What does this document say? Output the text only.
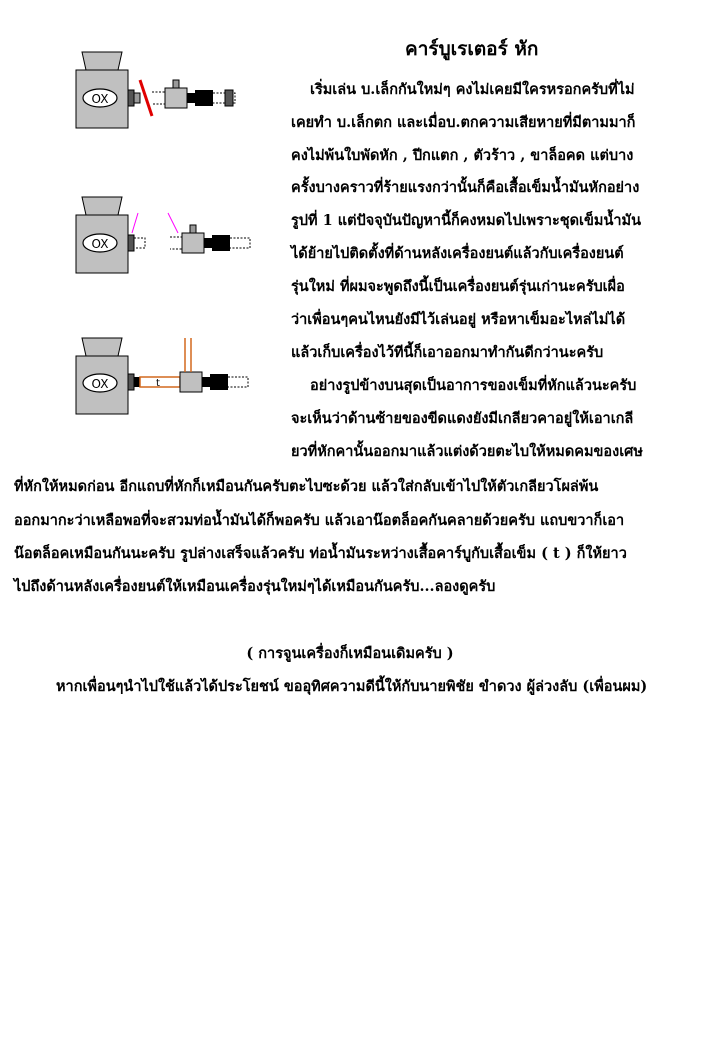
คาร์บูเรเตอร์ หัก
OX
OX
OX	t
เริ่มเล่น บ.เล็กกันใหม่ๆ คงไม่เคยมีใครหรอกครับที่ไม่
เคยทำ บ.เล็กตก และเมื่อบ.ตกความเสียหายที่มีตามมาก็
คงไม่พ้นใบพัดหัก , ปีกแตก , ตัวร้าว , ขาล็อคด แต่บาง
ครั้งบางคราวที่ร้ายแรงกว่านั้นก็คือเสื้อเข็มน้ำมันหักอย่าง
รูปที่ 1 แต่ปัจจุบันปัญหานี้ก็คงหมดไปเพราะชุดเข็มน้ำมัน
ได้ย้ายไปติดตั้งที่ด้านหลังเครื่องยนต์แล้วกับเครื่องยนต์
รุ่นใหม่ ที่ผมจะพูดถึงนี้เป็นเครื่องยนต์รุ่นเก่านะครับเผื่อ
ว่าเพื่อนๆคนไหนยังมีไว้เล่นอยู่ หรือหาเข็มอะไหล่ไม่ได้
แล้วเก็บเครื่องไว้ทีนี้ก็เอาออกมาทำกันดีกว่านะครับ
อย่างรูปข้างบนสุดเป็นอาการของเข็มที่หักแล้วนะครับ
จะเห็นว่าด้านซ้ายของขีดแดงยังมีเกลียวคาอยู่ให้เอาเกลี
ยวที่หักคานั้นออกมาแล้วแต่งด้วยตะไบให้หมดคมของเศษ
ที่หักให้หมดก่อน อีกแถบที่หักก็เหมือนกันครับตะไบซะด้วย แล้วใส่กลับเข้าไปให้ตัวเกลียวโผล่พ้น
ออกมากะว่าเหลือพอที่จะสวมท่อน้ำมันได้ก็พอครับ แล้วเอาน๊อตล็อคกันคลายด้วยครับ แถบขวาก็เอา
น๊อตล็อคเหมือนกันนะครับ รูปล่างเสร็จแล้วครับ ท่อน้ำมันระหว่างเสื้อคาร์บูกับเสื้อเข็ม ( t ) ก็ให้ยาว
ไปถึงด้านหลังเครื่องยนต์ให้เหมือนเครื่องรุ่นใหม่ๆได้เหมือนกันครับ...ลองดูครับ
( การจูนเครื่องก็เหมือนเดิมครับ )
หากเพื่อนๆนำไปใช้แล้วได้ประโยชน์ ขออุทิศความดีนี้ให้กับนายพิชัย ขำดวง ผู้ล่วงลับ (เพื่อนผม)
